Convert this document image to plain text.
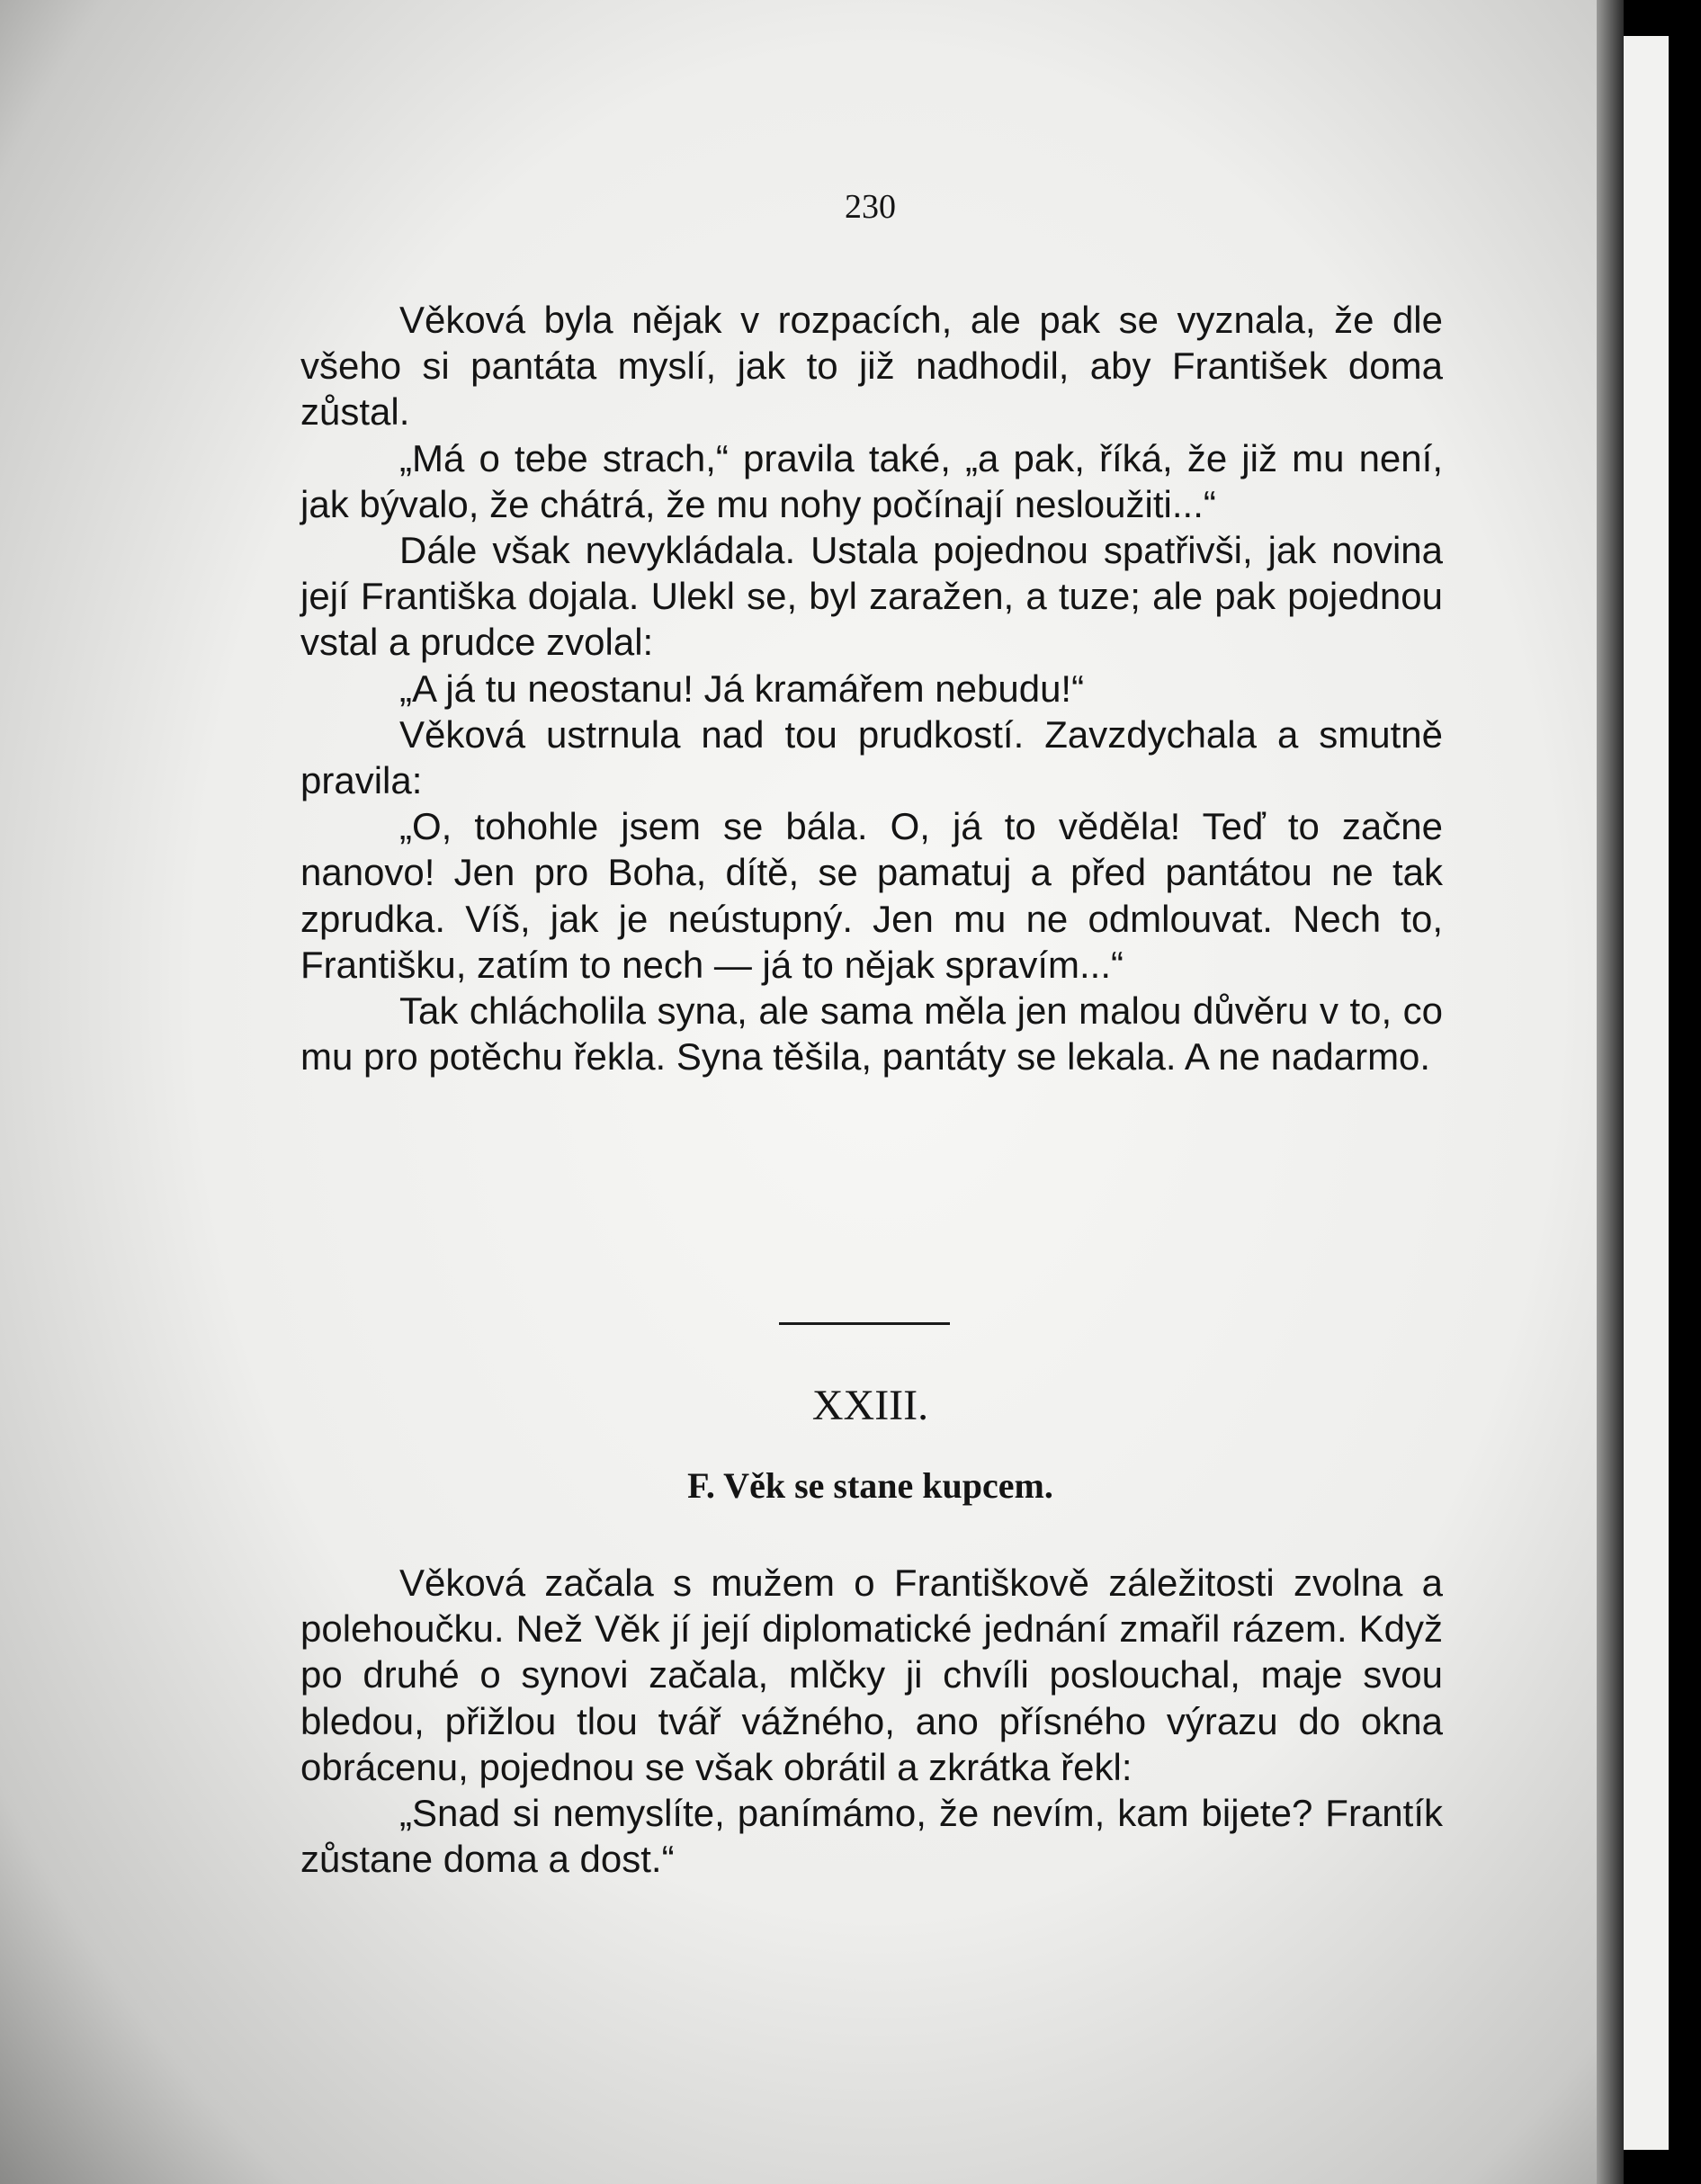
230

Věková byla nějak v rozpacích, ale pak se vyznala, že dle všeho si pantáta myslí, jak to již nadhodil, aby František doma zůstal.

„Má o tebe strach,“ pravila také, „a pak, říká, že již mu není, jak bývalo, že chátrá, že mu nohy počínají nesloužiti...“

Dále však nevykládala. Ustala pojednou spatřivši, jak novina její Františka dojala. Ulekl se, byl zaražen, a tuze; ale pak pojednou vstal a prudce zvolal:

„A já tu neostanu! Já kramářem nebudu!“

Věková ustrnula nad tou prudkostí. Zavzdychala a smutně pravila:

„O, tohohle jsem se bála. O, já to věděla! Teď to začne nanovo! Jen pro Boha, dítě, se pamatuj a před pantátou ne tak zprudka. Víš, jak je neústupný. Jen mu ne odmlouvat. Nech to, Františku, zatím to nech — já to nějak spravím...“

Tak chlácholila syna, ale sama měla jen malou důvěru v to, co mu pro potěchu řekla. Syna těšila, pantáty se lekala. A ne nadarmo.

XXIII.
F. Věk se stane kupcem.

Věková začala s mužem o Františkově záležitosti zvolna a polehoučku. Než Věk jí její diplomatické jednání zmařil rázem. Když po druhé o synovi začala, mlčky ji chvíli poslouchal, maje svou bledou, přižlou tlou tvář vážného, ano přísného výrazu do okna obrácenu, pojednou se však obrátil a zkrátka řekl:

„Snad si nemyslíte, panímámo, že nevím, kam bijete? Frantík zůstane doma a dost.“
